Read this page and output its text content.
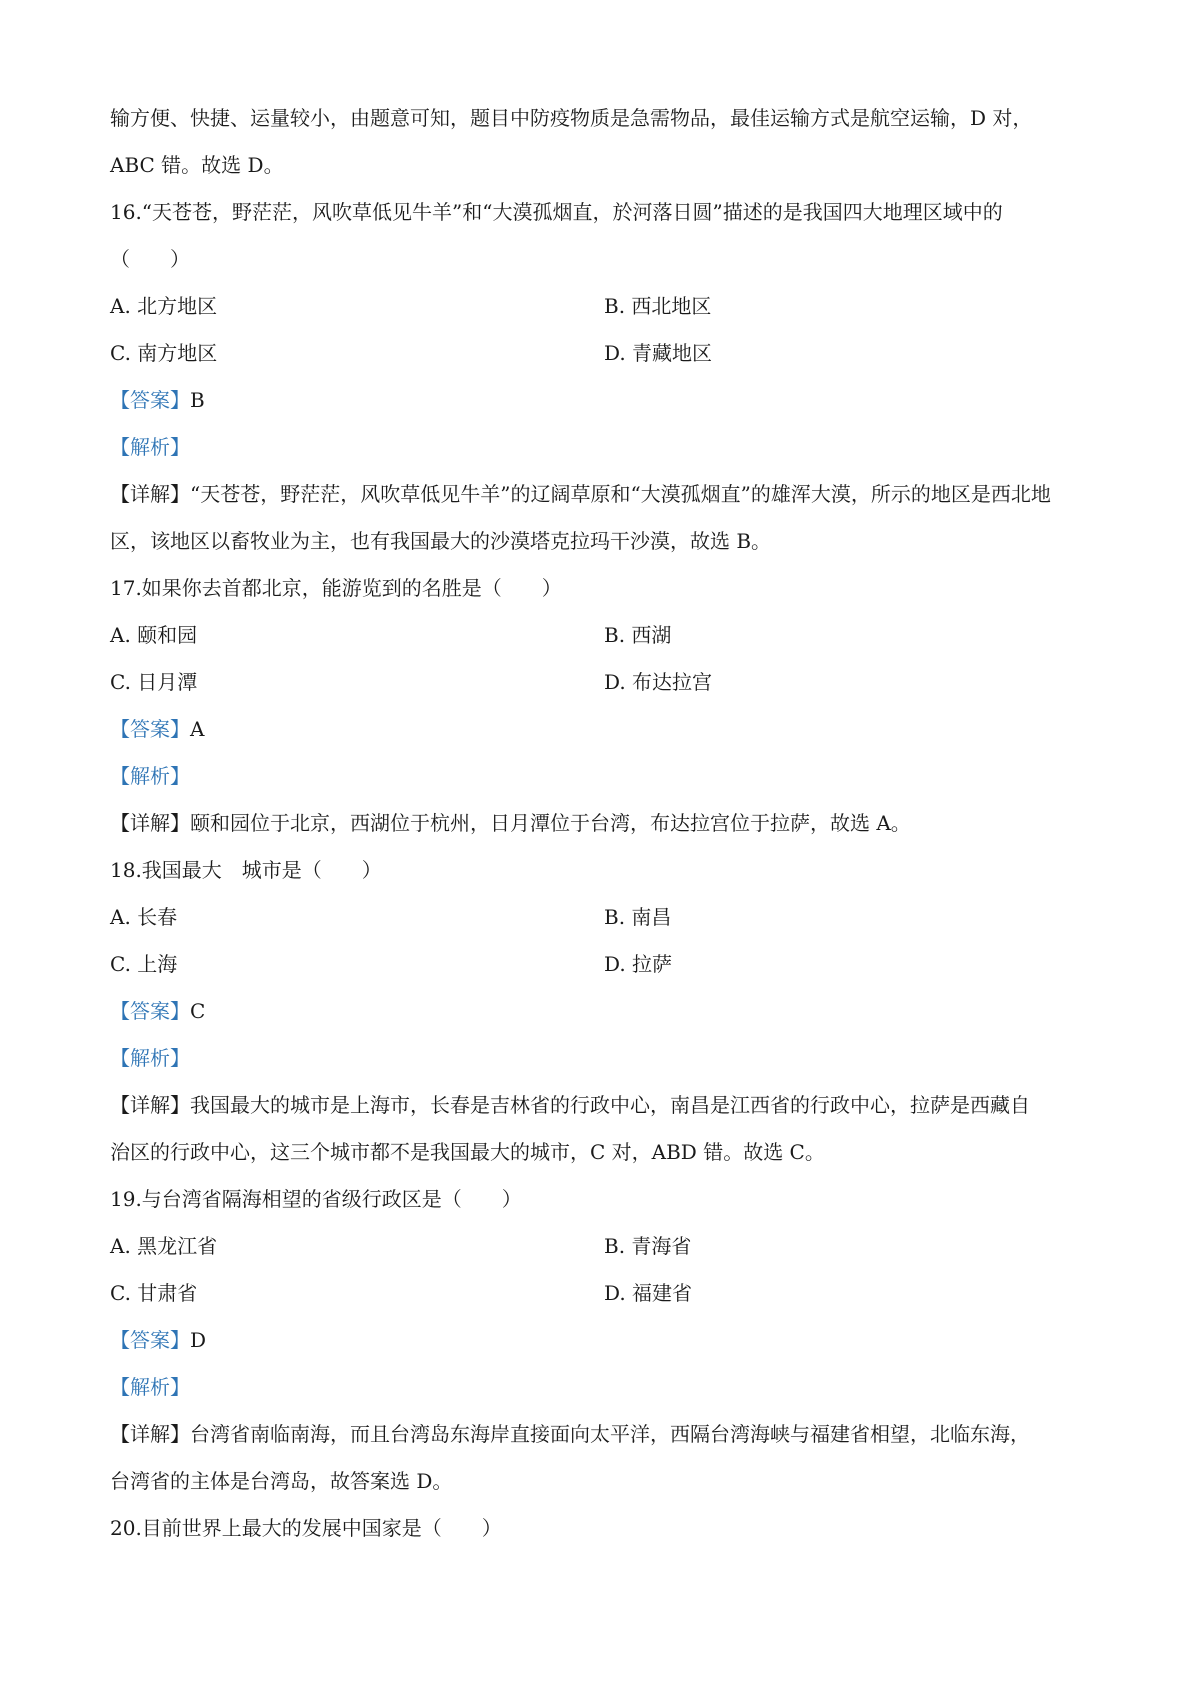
输方便、快捷、运量较小，由题意可知，题目中防疫物质是急需物品，最佳运输方式是航空运输，D 对，
ABC 错。故选 D。
16.“天苍苍，野茫茫，风吹草低见牛羊”和“大漠孤烟直，於河落日圆”描述的是我国四大地理区域中的
（　　）
A. 北方地区	B. 西北地区
C. 南方地区	D. 青藏地区
【答案】B
【解析】
【详解】“天苍苍，野茫茫，风吹草低见牛羊”的辽阔草原和“大漠孤烟直”的雄浑大漠，所示的地区是西北地
区，该地区以畜牧业为主，也有我国最大的沙漠塔克拉玛干沙漠，故选 B。
17.如果你去首都北京，能游览到的名胜是（　　）
A. 颐和园	B. 西湖
C. 日月潭	D. 布达拉宫
【答案】A
【解析】
【详解】颐和园位于北京，西湖位于杭州，日月潭位于台湾，布达拉宫位于拉萨，故选 A。
18.我国最大　城市是（　　）
A. 长春	B. 南昌
C. 上海	D. 拉萨
【答案】C
【解析】
【详解】我国最大的城市是上海市，长春是吉林省的行政中心，南昌是江西省的行政中心，拉萨是西藏自
治区的行政中心，这三个城市都不是我国最大的城市，C 对，ABD 错。故选 C。
19.与台湾省隔海相望的省级行政区是（　　）
A. 黑龙江省	B. 青海省
C. 甘肃省	D. 福建省
【答案】D
【解析】
【详解】台湾省南临南海，而且台湾岛东海岸直接面向太平洋，西隔台湾海峡与福建省相望，北临东海，
台湾省的主体是台湾岛，故答案选 D。
20.目前世界上最大的发展中国家是（　　）
